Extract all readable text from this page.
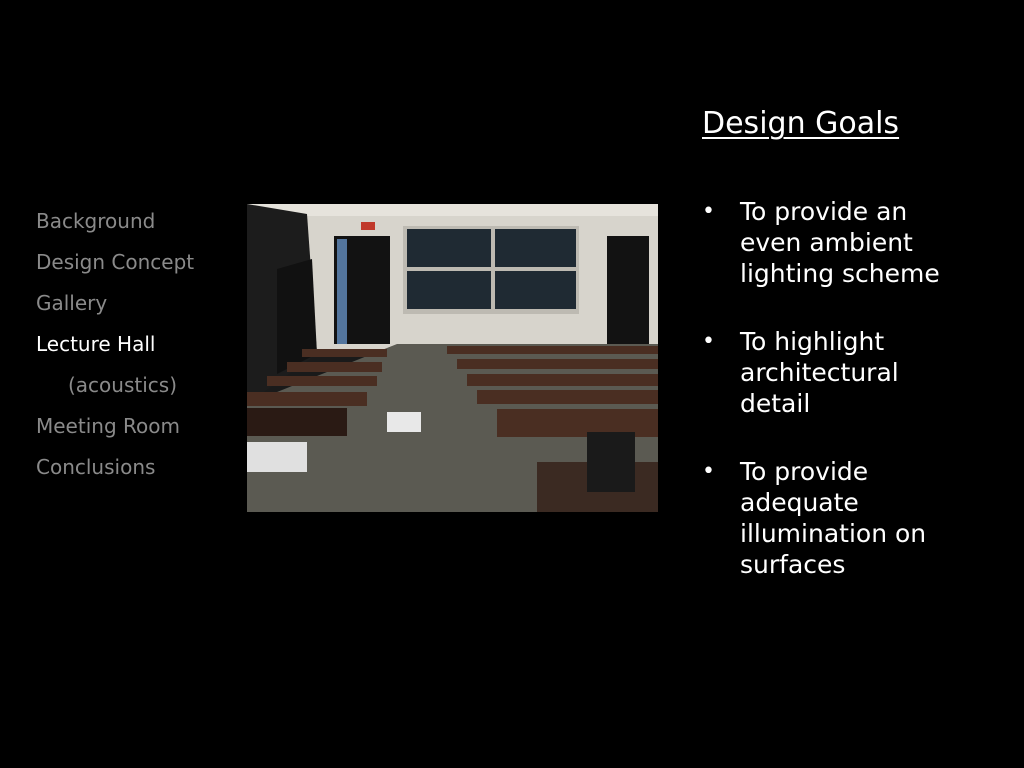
Background
Design Concept
Gallery
Lecture Hall
(acoustics)
Meeting Room
Conclusions
Design Goals
• To provide an even ambient lighting scheme
• To highlight architectural detail
• To provide adequate illumination on surfaces
